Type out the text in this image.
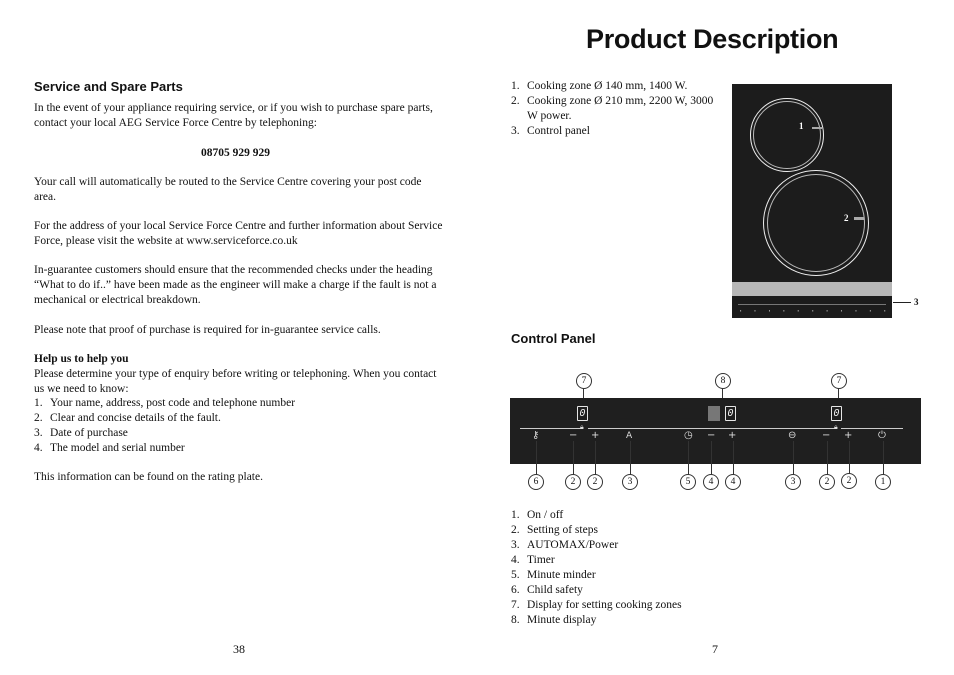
Service and Spare Parts
In the event of your appliance requiring service, or if you wish to purchase spare parts, contact your local AEG Service Force Centre by telephoning:
08705 929 929
Your call will automatically be routed to the Service Centre covering your post code area.
For the address of your local Service Force Centre and further information about Service Force, please visit the website at www.serviceforce.co.uk
In-guarantee customers should ensure that the recommended checks under the heading “What to do if..” have been made as the engineer will make a charge if the fault is not a mechanical or electrical breakdown.
Please note that proof of purchase is required for in-guarantee service calls.
Help us to help you
Please determine your type of enquiry before writing or telephoning. When you contact us we need to know:
1. Your name, address, post code and telephone number
2. Clear and concise details of the fault.
3. Date of purchase
4. The model and serial number
This information can be found on the rating plate.
38
Product Description
1. Cooking zone Ø 140 mm, 1400 W.
2. Cooking zone Ø 210 mm, 2200 W, 3000 W power.
3. Control panel	1
2
▪ ▪ ▪ ▪ ▪ ▪ ▪ ▪ ▪ ▪ ▪
3
Control Panel
7	8	7
0
🔒︎
0	0
🔒︎
⚷	− +	A	◷ − +	⊖	− +	⏻︎
6	2	2	3	5	4	4	3	2	2	1
1. On / off
2. Setting of steps
3. AUTOMAX/Power
4. Timer
5. Minute minder
6. Child safety
7. Display for setting cooking zones
8. Minute display
7
